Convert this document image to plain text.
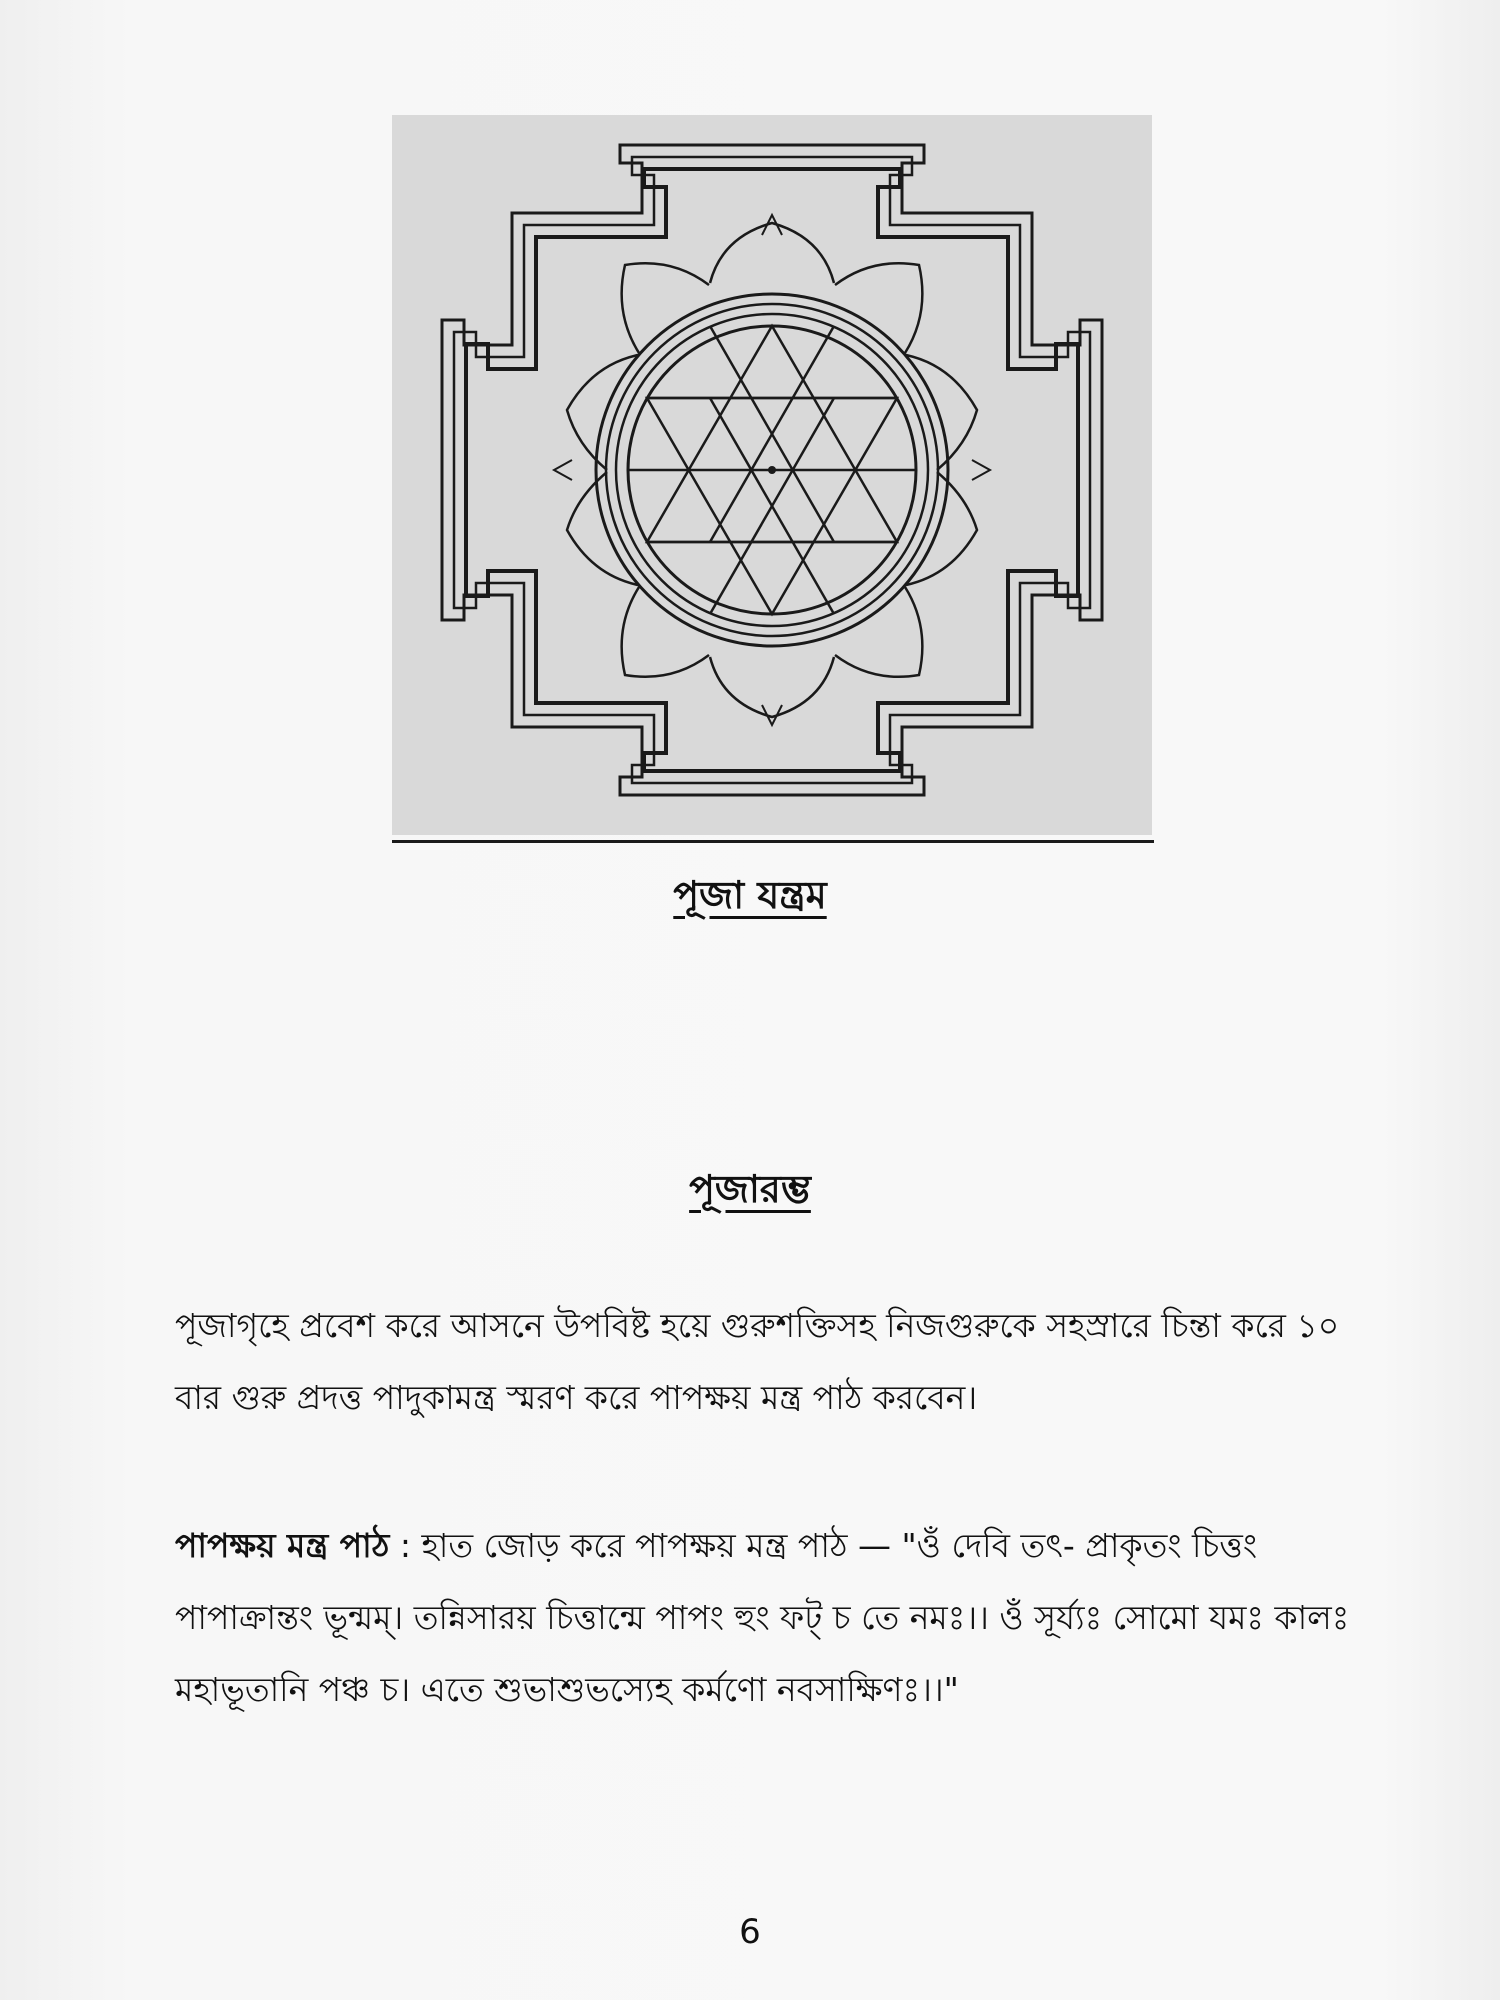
পূজা যন্ত্রম
পূজারম্ভ
পূজাগৃহে প্রবেশ করে আসনে উপবিষ্ট হয়ে গুরুশক্তিসহ নিজগুরুকে সহস্রারে চিন্তা করে ১০ বার গুরু প্রদত্ত পাদুকামন্ত্র স্মরণ করে পাপক্ষয় মন্ত্র পাঠ করবেন।
পাপক্ষয় মন্ত্র পাঠ : হাত জোড় করে পাপক্ষয় মন্ত্র পাঠ — "ওঁ দেবি তৎ- প্রাকৃতং চিত্তং পাপাক্রান্তং ভূন্মম্। তন্নিসারয় চিত্তান্মে পাপং হুং ফট্ চ তে নমঃ।। ওঁ সূর্য্যঃ সোমো যমঃ কালঃ মহাভূতানি পঞ্চ চ। এতে শুভাশুভস্যেহ কর্মণো নবসাক্ষিণঃ।।"
6
